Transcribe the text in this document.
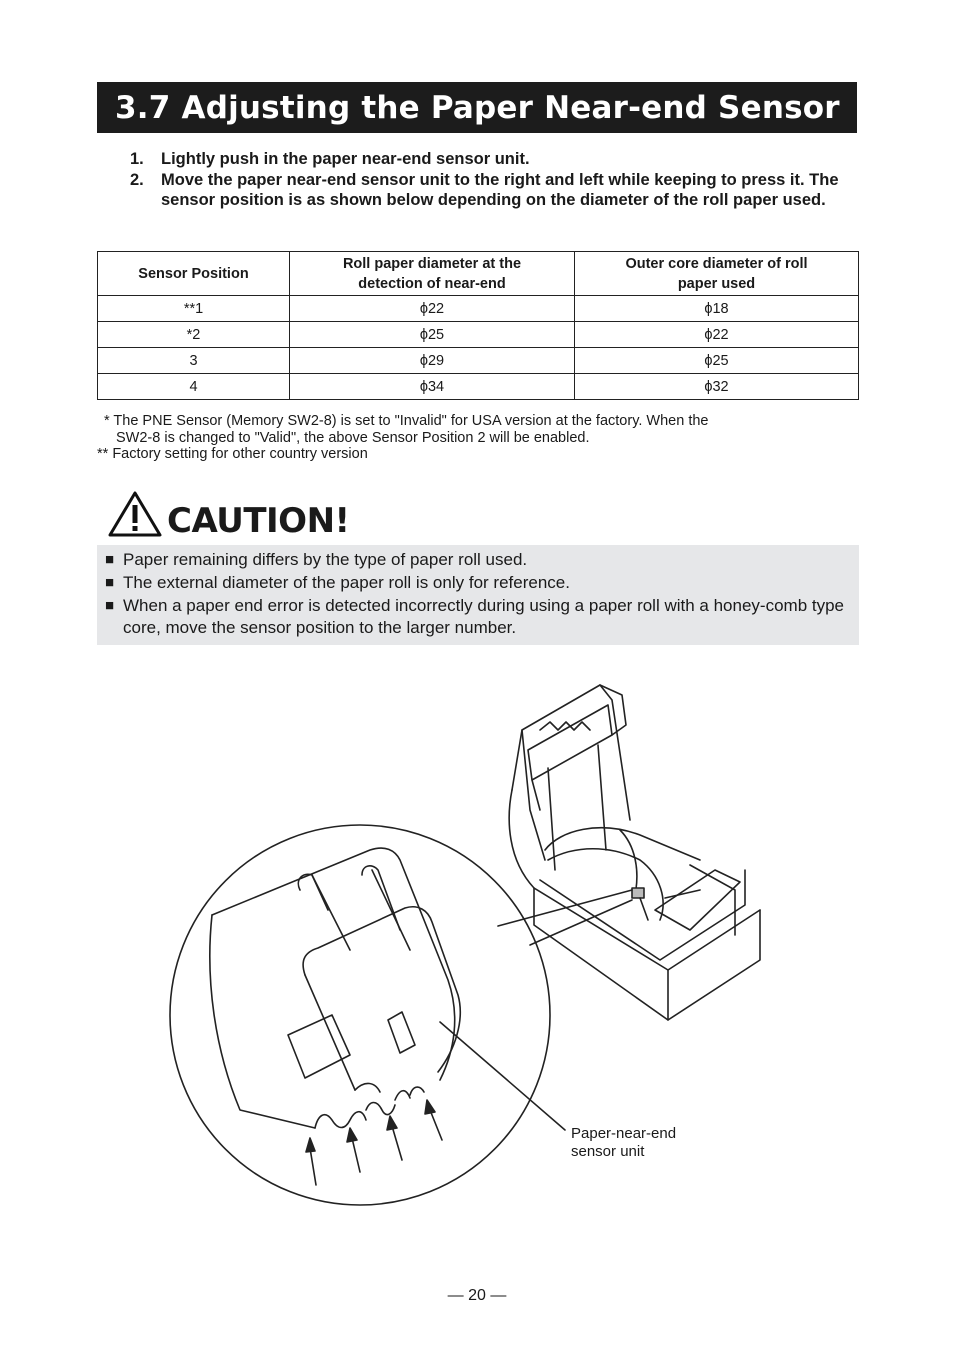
3.7 Adjusting the Paper Near-end Sensor
1.	Lightly push in the paper near-end sensor unit.
2.	Move the paper near-end sensor unit to the right and left while keeping to press it. The sensor position is as shown below depending on the diameter of the roll paper used.
Sensor Position	Roll paper diameter at the detection of near-end	Outer core diameter of roll paper used

**1	ϕ22	ϕ18
*2	ϕ25	ϕ22
3	ϕ29	ϕ25
4	ϕ34	ϕ32
* The PNE Sensor (Memory SW2-8) is set to "Invalid" for USA version at the factory. When the
SW2-8 is changed to "Valid", the above Sensor Position 2 will be enabled.
** Factory setting for other country version
CAUTION!
■ Paper remaining differs by the type of paper roll used.
■ The external diameter of the paper roll is only for reference.
■ When a paper end error is detected incorrectly during using a paper roll with a honey-comb type core, move the sensor position to the larger number.
Paper-near-end
sensor unit
— 20 —
